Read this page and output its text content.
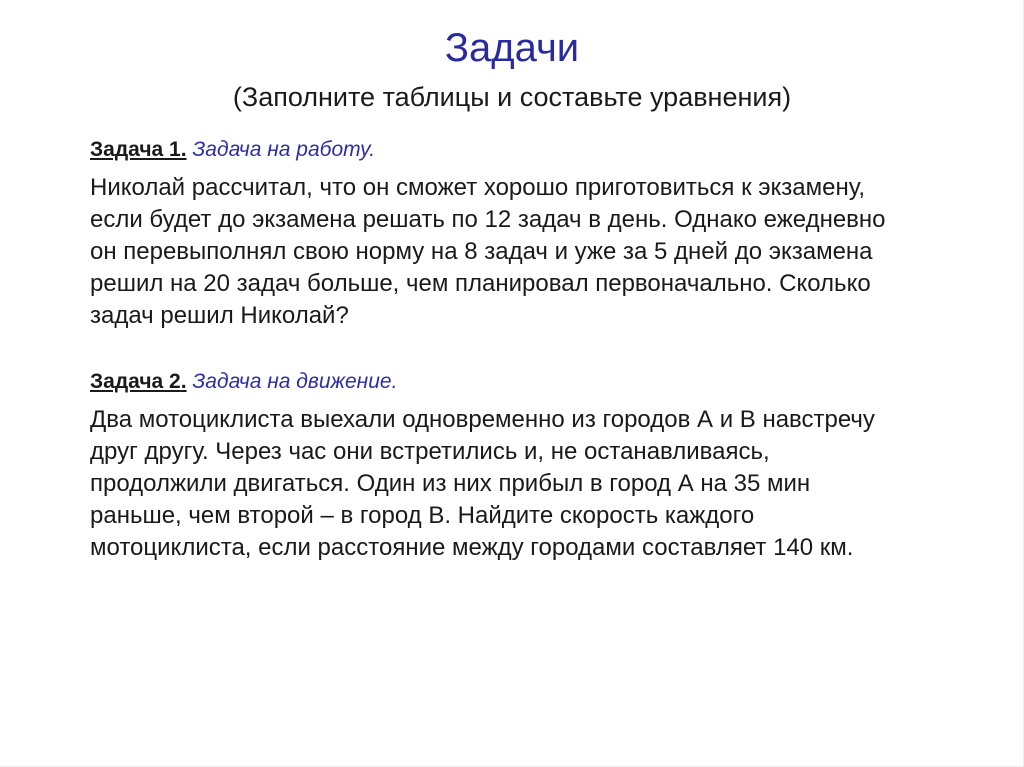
Задачи
(Заполните таблицы и составьте уравнения)
Задача 1. Задача на работу.
Николай рассчитал, что он сможет хорошо приготовиться к экзамену,
если будет до экзамена решать по 12 задач в день. Однако ежедневно
он перевыполнял свою норму на 8 задач и уже за 5 дней до экзамена
решил на 20 задач больше, чем планировал первоначально. Сколько
задач решил Николай?
Задача 2. Задача на движение.
Два мотоциклиста выехали одновременно из городов А и В навстречу
друг другу. Через час они встретились и, не останавливаясь,
продолжили двигаться. Один из них прибыл в город А на 35 мин
раньше, чем второй – в город В. Найдите скорость каждого
мотоциклиста, если расстояние между городами составляет 140 км.
